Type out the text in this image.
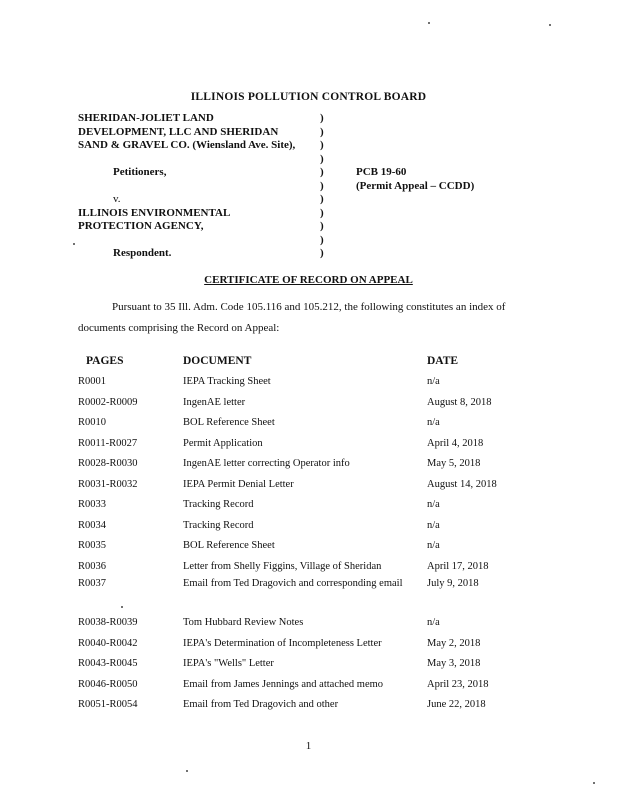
ILLINOIS POLLUTION CONTROL BOARD
SHERIDAN-JOLIET LAND
DEVELOPMENT, LLC AND SHERIDAN
SAND & GRAVEL CO. (Wiensland Ave. Site),
Petitioners,
v.
ILLINOIS ENVIRONMENTAL
PROTECTION AGENCY,
Respondent.
)
)
)
)
)
)
)
)
)
)
)
PCB 19-60
(Permit Appeal – CCDD)
CERTIFICATE OF RECORD ON APPEAL
Pursuant to 35 Ill. Adm. Code 105.116 and 105.212, the following constitutes an index of
documents comprising the Record on Appeal:
PAGES	DOCUMENT	DATE
R0001	IEPA Tracking Sheet	n/a
R0002-R0009	IngenAE letter	August 8, 2018
R0010	BOL Reference Sheet	n/a
R0011-R0027	Permit Application	April 4, 2018
R0028-R0030	IngenAE letter correcting Operator info	May 5, 2018
R0031-R0032	IEPA Permit Denial Letter	August 14, 2018
R0033	Tracking Record	n/a
R0034	Tracking Record	n/a
R0035	BOL Reference Sheet	n/a
R0036	Letter from Shelly Figgins, Village of Sheridan	April 17, 2018
R0037	Email from Ted Dragovich and corresponding email	July 9, 2018
R0038-R0039	Tom Hubbard Review Notes	n/a
R0040-R0042	IEPA's Determination of Incompleteness Letter	May 2, 2018
R0043-R0045	IEPA's "Wells" Letter	May 3, 2018
R0046-R0050	Email from James Jennings and attached memo	April 23, 2018
R0051-R0054	Email from Ted Dragovich and other	June 22, 2018
1
